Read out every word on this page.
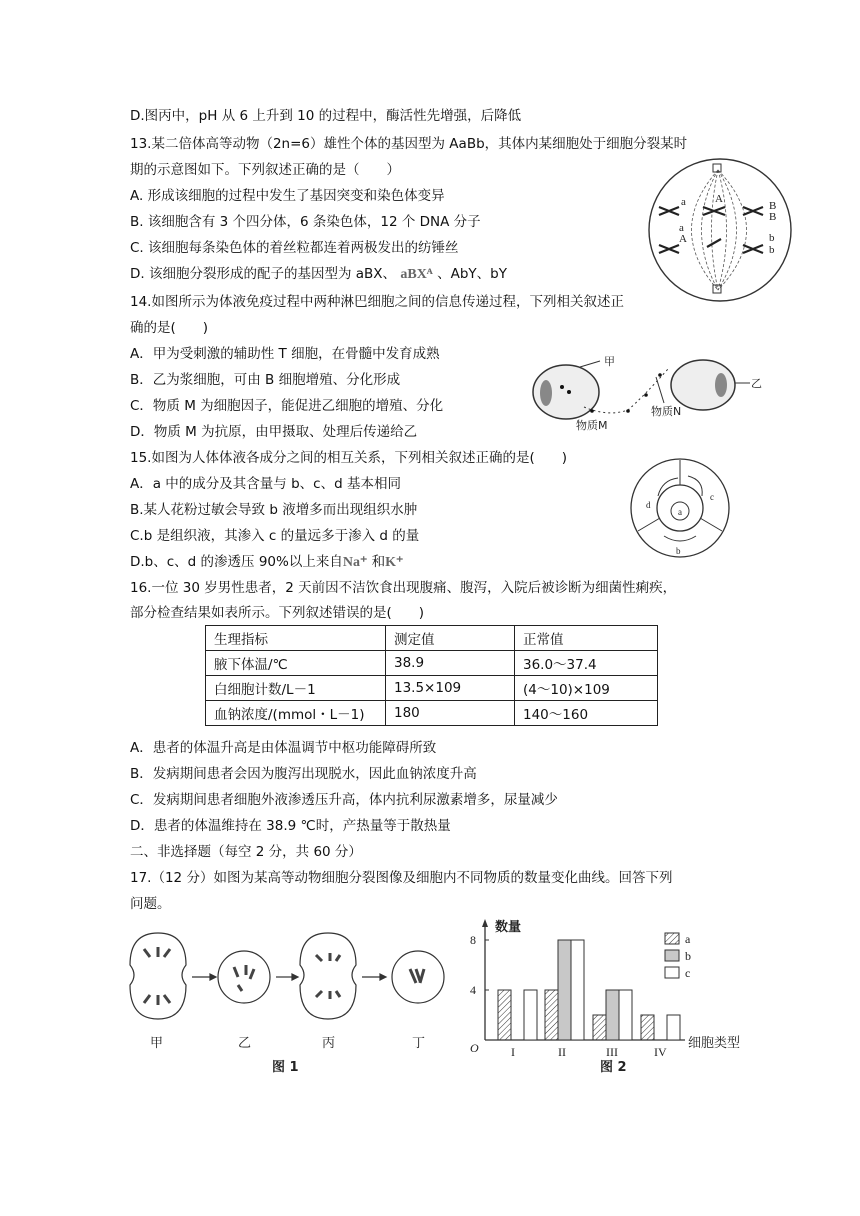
D.图丙中，pH 从 6 上升到 10 的过程中，酶活性先增强，后降低
13.某二倍体高等动物（2n=6）雄性个体的基因型为 AaBb，其体内某细胞处于细胞分裂某时
期的示意图如下。下列叙述正确的是（　　）
A. 形成该细胞的过程中发生了基因突变和染色体变异
B. 该细胞含有 3 个四分体，6 条染色体，12 个 DNA 分子
C. 该细胞每条染色体的着丝粒都连着两极发出的纺锤丝
D. 该细胞分裂形成的配子的基因型为 aBX、 aBXᴬ 、AbY、bY
14.如图所示为体液免疫过程中两种淋巴细胞之间的信息传递过程，下列相关叙述正
确的是(　　)
A．甲为受刺激的辅助性 T 细胞，在骨髓中发育成熟
B．乙为浆细胞，可由 B 细胞增殖、分化形成
C．物质 M 为细胞因子，能促进乙细胞的增殖、分化
D．物质 M 为抗原，由甲摄取、处理后传递给乙
15.如图为人体体液各成分之间的相互关系，下列相关叙述正确的是(　　)
A．a 中的成分及其含量与 b、c、d 基本相同
B.某人花粉过敏会导致 b 液增多而出现组织水肿
C.b 是组织液，其渗入 c 的量远多于渗入 d 的量
D.b、c、d 的渗透压 90%以上来自Na⁺ 和K⁺
16.一位 30 岁男性患者，2 天前因不洁饮食出现腹痛、腹泻，入院后被诊断为细菌性痢疾，
部分检查结果如表所示。下列叙述错误的是(　　)
生理指标	测定值	正常值
腋下体温/℃	38.9	36.0～37.4
白细胞计数/L－1	13.5×109	(4～10)×109
血钠浓度/(mmol・L－1)	180	140～160
A．患者的体温升高是由体温调节中枢功能障碍所致
B．发病期间患者会因为腹泻出现脱水，因此血钠浓度升高
C．发病期间患者细胞外液渗透压升高，体内抗利尿激素增多，尿量减少
D．患者的体温维持在 38.9 ℃时，产热量等于散热量
二、非选择题（每空 2 分，共 60 分）
17.（12 分）如图为某高等动物细胞分裂图像及细胞内不同物质的数量变化曲线。回答下列
问题。
a	A
B
B
a
A	b
b
甲
乙
物质M
物质N
a
b
c
d
甲	乙	丙	丁
图 1
O
4
8
数量
细胞类型
I	II	III	IV
a
b
c
图 2
